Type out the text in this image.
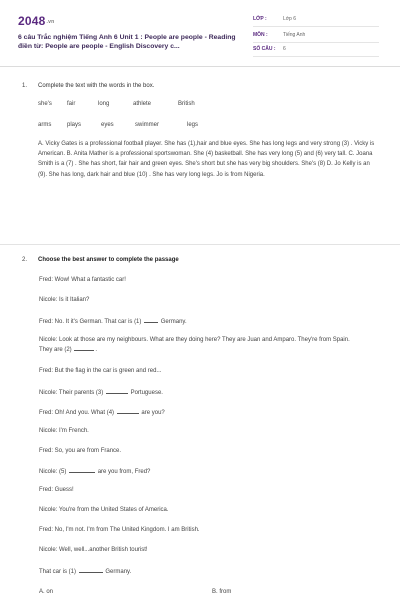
2048.vn
6 câu Trắc nghiệm Tiếng Anh 6 Unit 1 : People are people - Reading điền từ: People are people - English Discovery c...
LỚP :	Lớp 6
MÔN :	Tiếng Anh
SỐ CÂU : 6
1. Complete the text with the words in the box.
she's	fair	long	athlete	British
arms	plays	eyes	swimmer	legs
A. Vicky Gates is a professional football player. She has (1),hair and blue eyes. She has long legs and very strong (3) . Vicky is American. B. Anita Mather is a professional sportswoman. She (4) basketball. She has very long (5) and (6) very tall. C. Joana Smith is a (7) . She has short, fair hair and green eyes. She's short but she has very big shoulders. She's (8) D. Jo Kelly is an (9). She has long, dark hair and blue (10) . She has very long legs. Jo is from Nigeria.
2. Choose the best answer to complete the passage
Fred: Wow! What a fantastic car!
Nicole: Is it Italian?
Fred: No. It it's German. That car is (1)	Germany.
Nicole: Look at those are my neighbours. What are they doing here? They are Juan and Amparo. They're from Spain. They are (2)	.
Fred: But the flag in the car is green and red...
Nicole: Their parents (3)	Portuguese.
Fred: Oh! And you. What (4)	are you?
Nicole: I'm French.
Fred: So, you are from France.
Nicole: (5)	are you from, Fred?
Fred: Guess!
Nicole: You're from the United States of America.
Fred: No, I'm not. I'm from The United Kingdom. I am British.
Nicole: Well, well...another British tourist!
That car is (1)	Germany.
A. on	B. from
